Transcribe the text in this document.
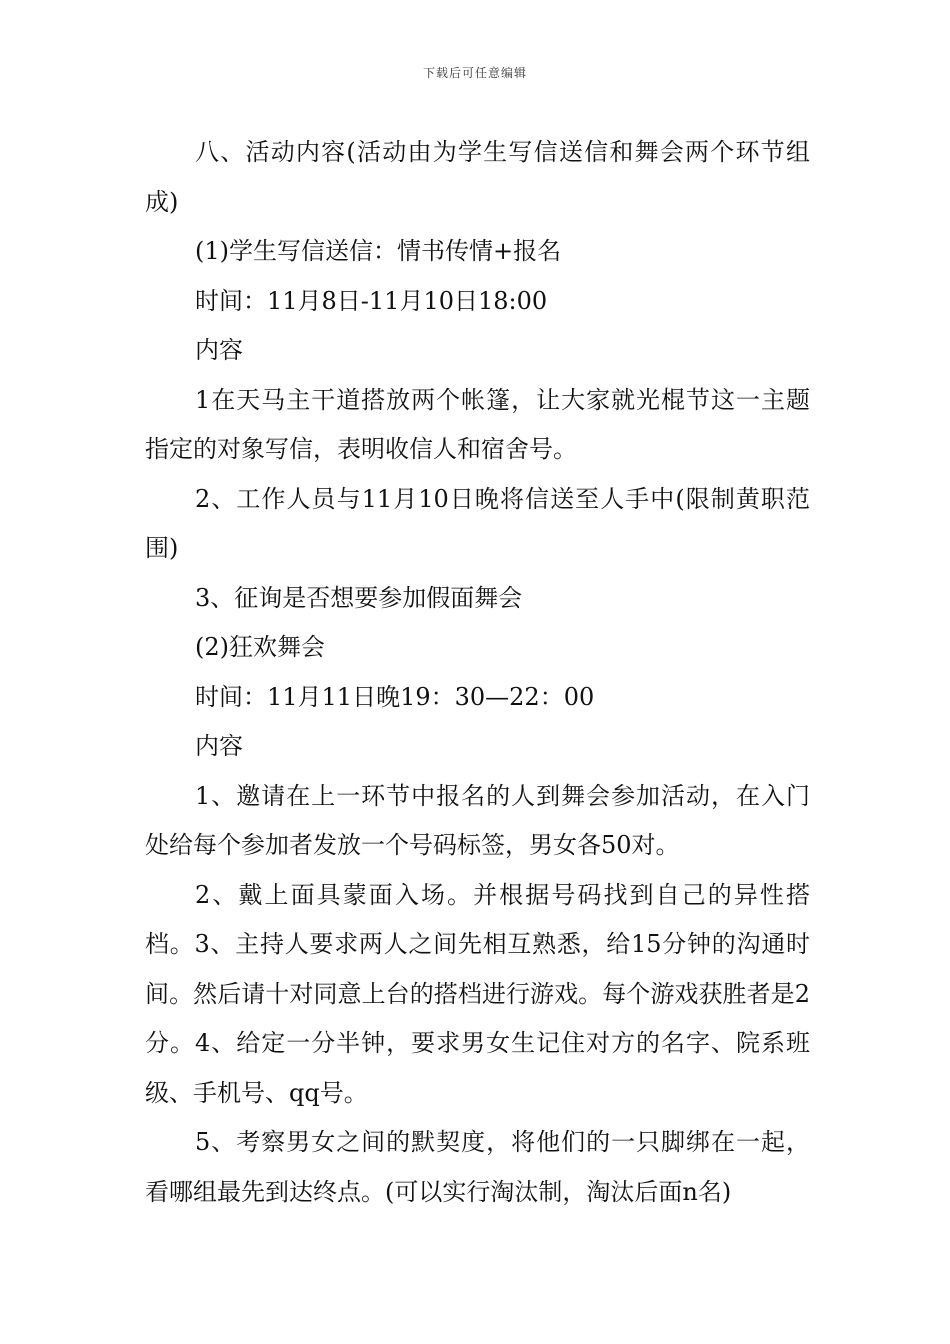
下载后可任意编辑

八、活动内容(活动由为学生写信送信和舞会两个环节组成)

(1)学生写信送信：情书传情+报名

时间：11月8日-11月10日18:00

内容

1在天马主干道搭放两个帐篷，让大家就光棍节这一主题指定的对象写信，表明收信人和宿舍号。

2、工作人员与11月10日晚将信送至人手中(限制黄职范围)

3、征询是否想要参加假面舞会

(2)狂欢舞会

时间：11月11日晚19：30—22：00

内容

1、邀请在上一环节中报名的人到舞会参加活动，在入门处给每个参加者发放一个号码标签，男女各50对。

2、戴上面具蒙面入场。并根据号码找到自己的异性搭档。3、主持人要求两人之间先相互熟悉，给15分钟的沟通时间。然后请十对同意上台的搭档进行游戏。每个游戏获胜者是2分。4、给定一分半钟，要求男女生记住对方的名字、院系班级、手机号、qq号。

5、考察男女之间的默契度，将他们的一只脚绑在一起，看哪组最先到达终点。(可以实行淘汰制，淘汰后面n名)
